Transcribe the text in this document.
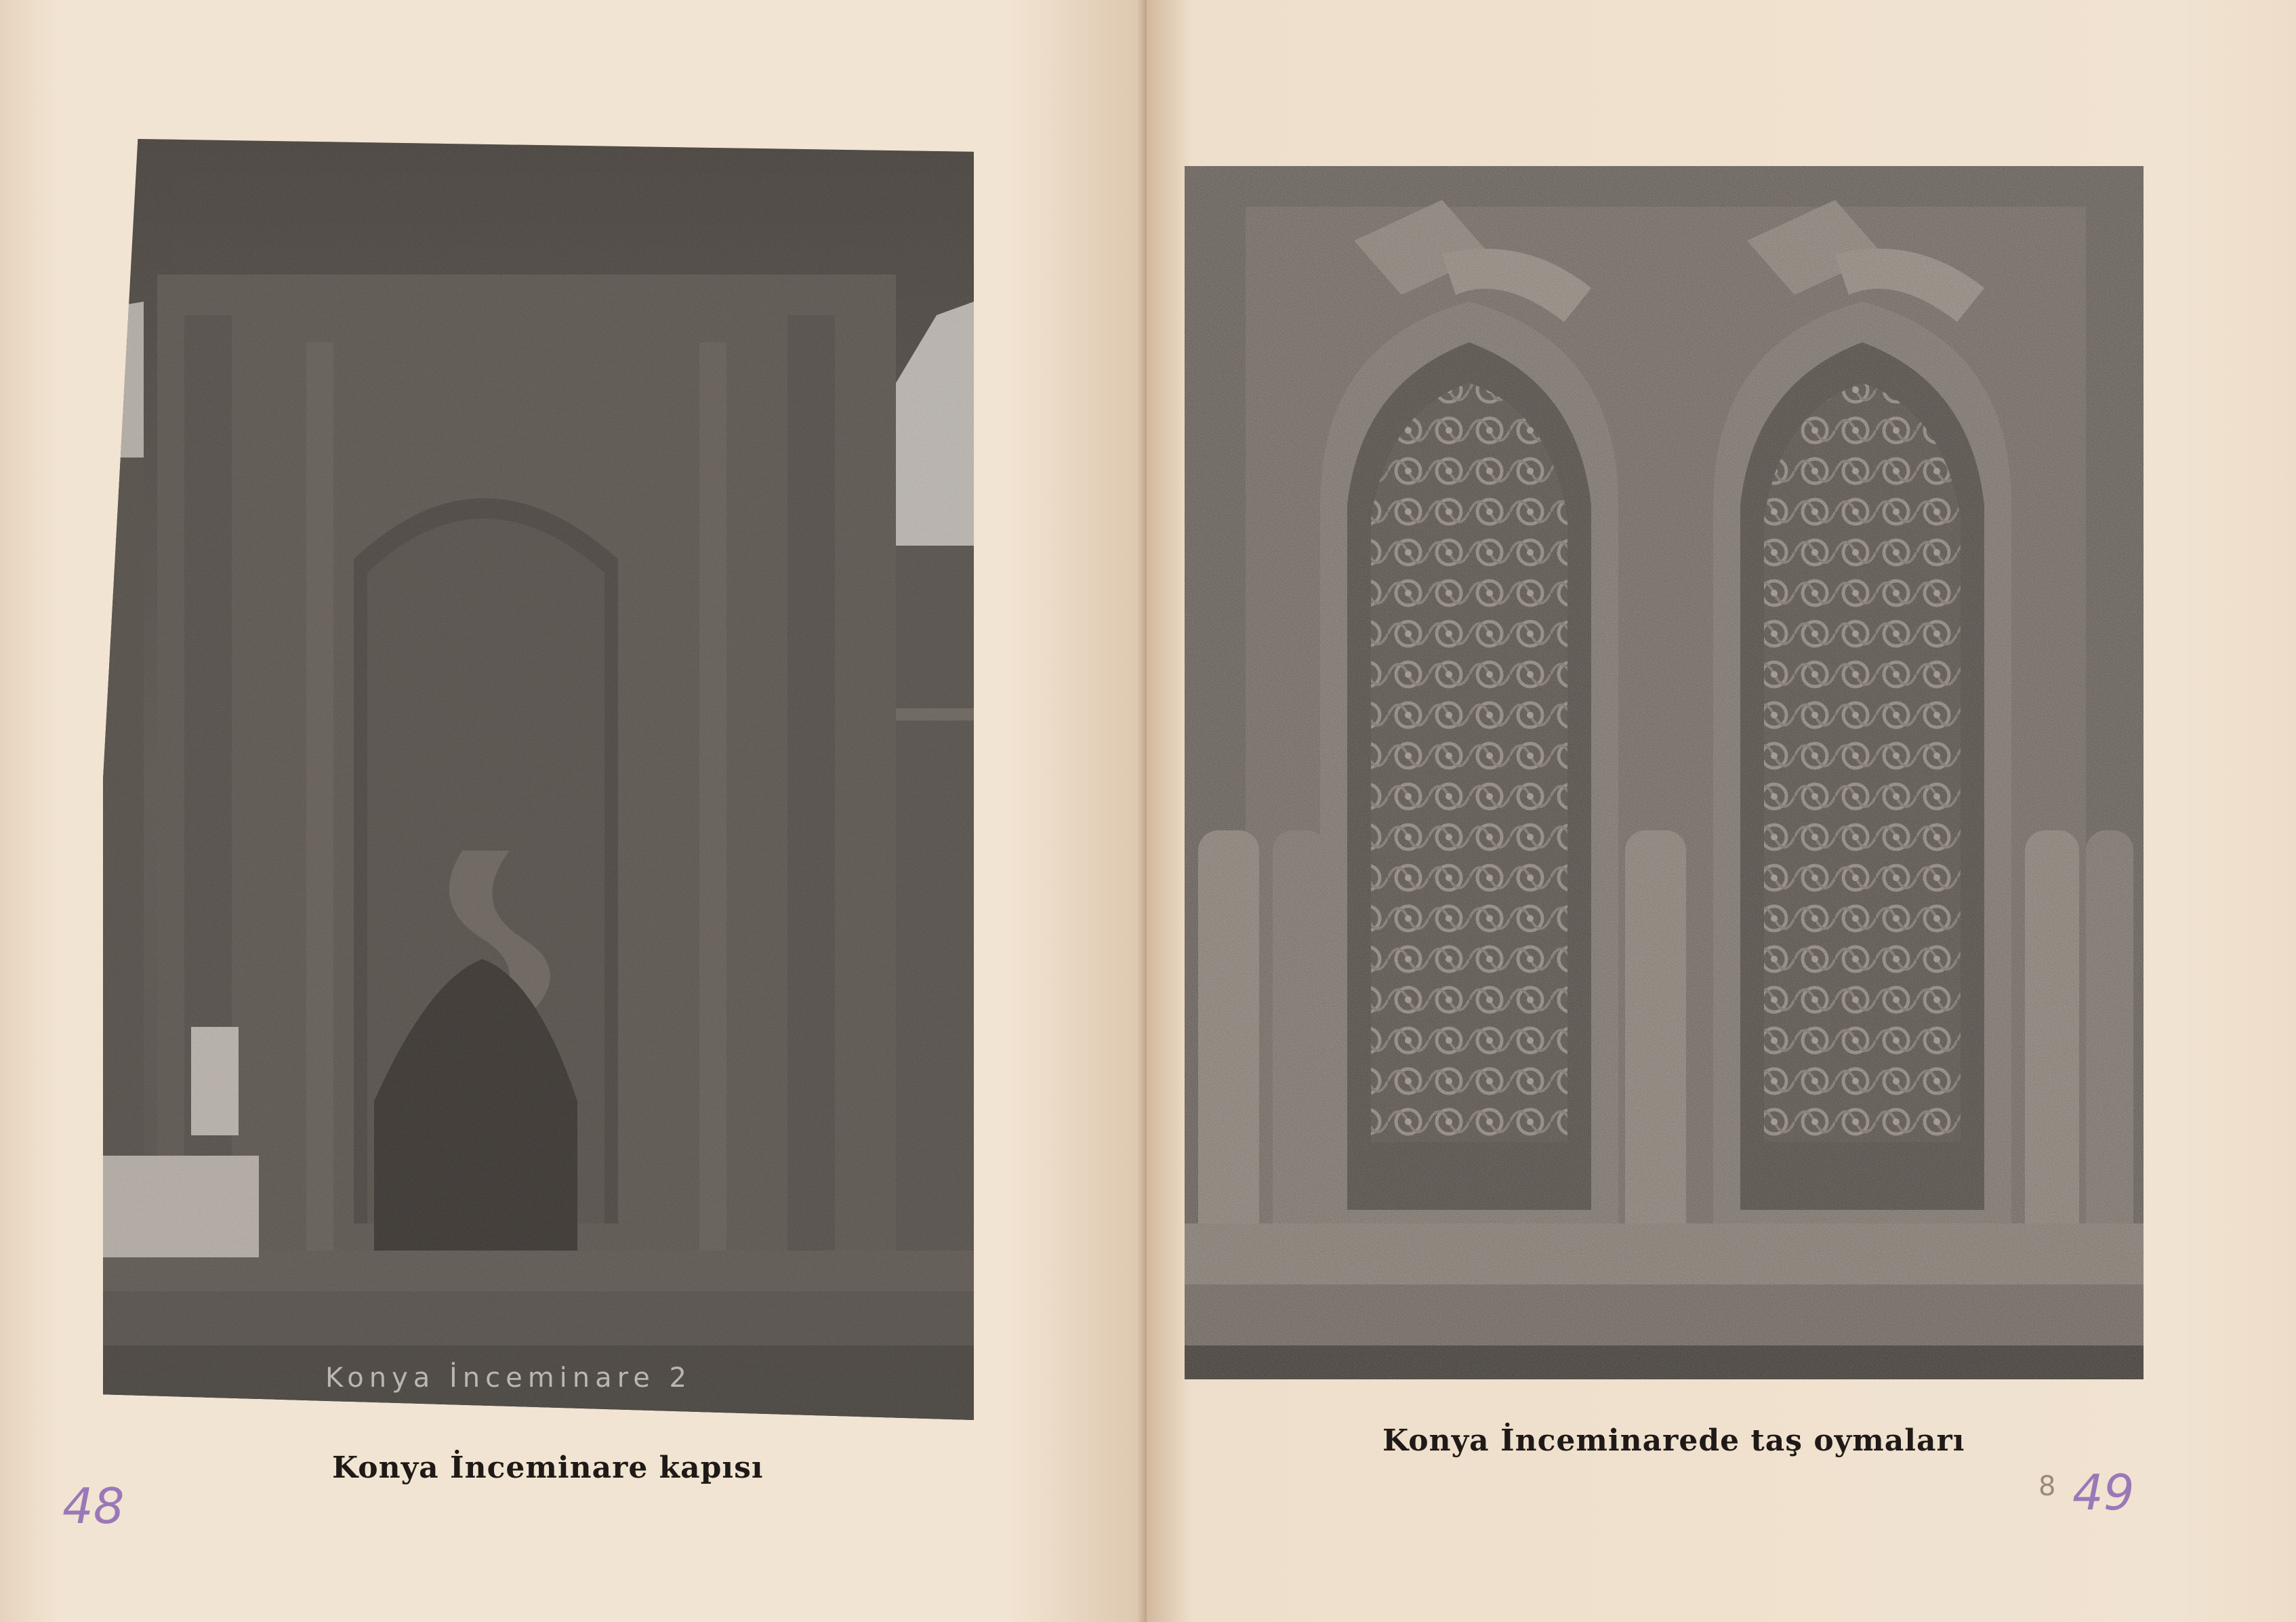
Konya İnceminare 2
Konya İnceminare kapısı
48
Konya İnceminarede taş oymaları
8 49
